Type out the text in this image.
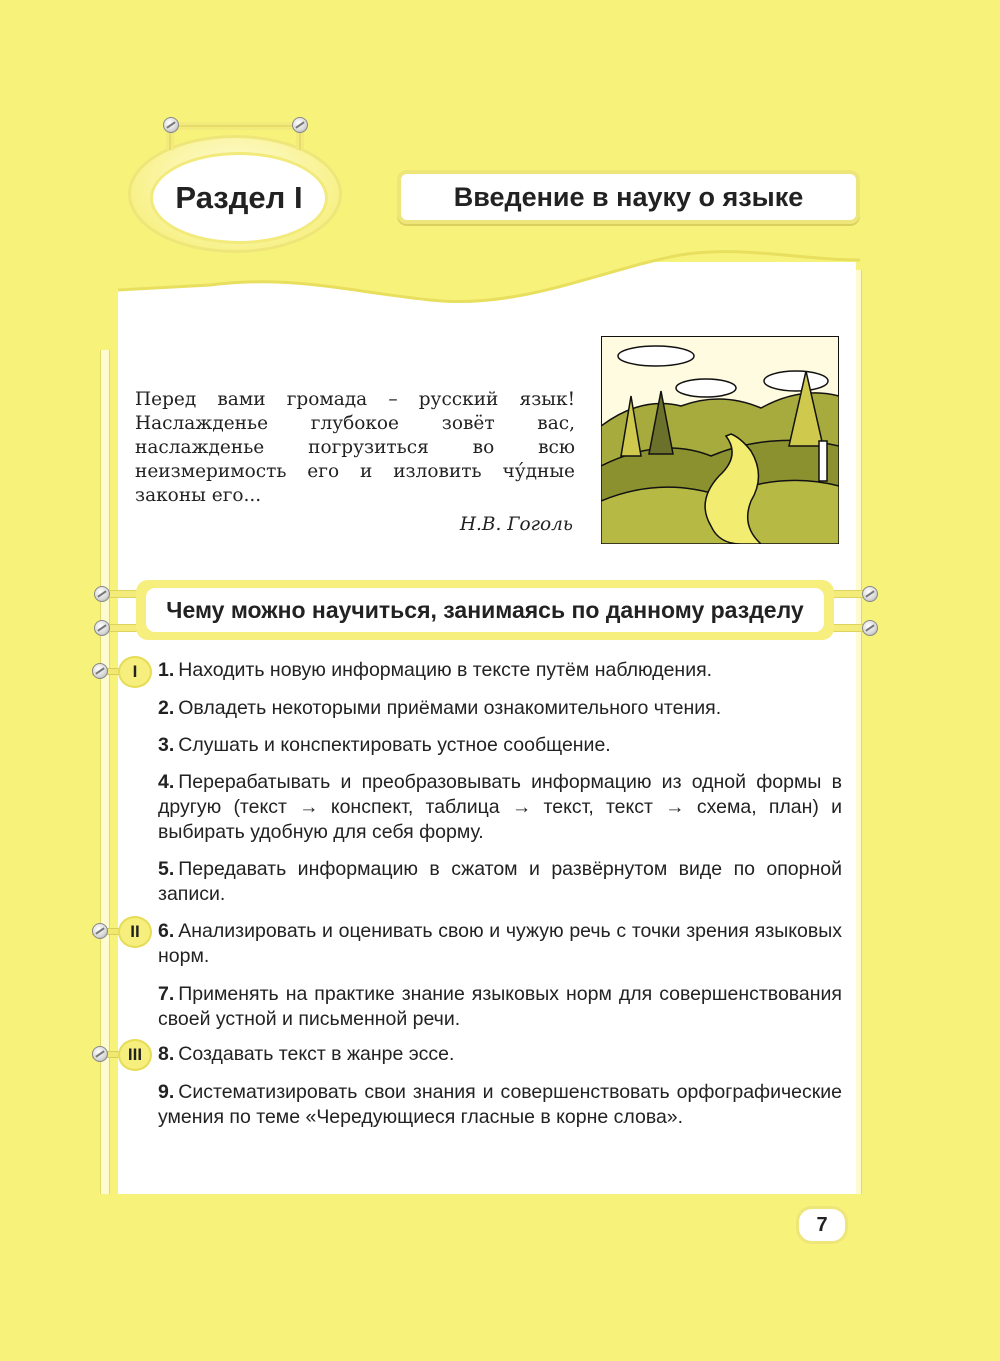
Раздел I	Введение в науку о языке
Перед вами громада – русский язык! Наслажденье глубокое зовёт вас, наслажденье погрузиться во всю неизмеримость его и изловить чу́дные законы его...
Н.В. Гоголь
Чему можно научиться, занимаясь по данному разделу
I
II
III
1. Находить новую информацию в тексте путём наблюдения.
2. Овладеть некоторыми приёмами ознакомительного чтения.
3. Слушать и конспектировать устное сообщение.
4. Перерабатывать и преобразовывать информацию из одной формы в другую (текст → конспект, таблица → текст, текст → схема, план) и выбирать удобную для себя форму.
5. Передавать информацию в сжатом и развёрнутом виде по опорной записи.
6. Анализировать и оценивать свою и чужую речь с точки зрения языковых норм.
7. Применять на практике знание языковых норм для совершенствования своей устной и письменной речи.
8. Создавать текст в жанре эссе.
9. Систематизировать свои знания и совершенствовать орфографические умения по теме «Чередующиеся гласные в корне слова».
7
